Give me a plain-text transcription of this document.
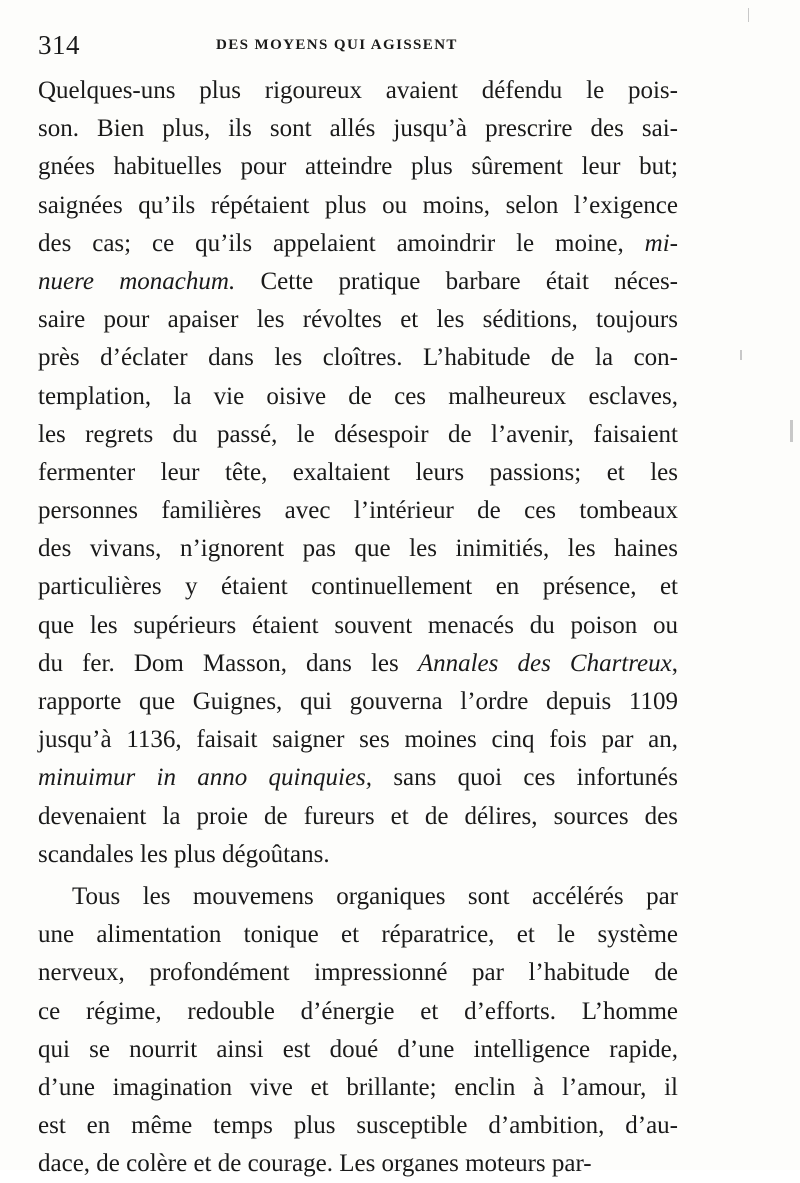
314	DES MOYENS QUI AGISSENT
Quelques-uns plus rigoureux avaient défendu le pois-
son. Bien plus, ils sont allés jusqu’à prescrire des sai-
gnées habituelles pour atteindre plus sûrement leur but;
saignées qu’ils répétaient plus ou moins, selon l’exigence
des cas; ce qu’ils appelaient amoindrir le moine, mi-
nuere monachum. Cette pratique barbare était néces-
saire pour apaiser les révoltes et les séditions, toujours
près d’éclater dans les cloîtres. L’habitude de la con-
templation, la vie oisive de ces malheureux esclaves,
les regrets du passé, le désespoir de l’avenir, faisaient
fermenter leur tête, exaltaient leurs passions; et les
personnes familières avec l’intérieur de ces tombeaux
des vivans, n’ignorent pas que les inimitiés, les haines
particulières y étaient continuellement en présence, et
que les supérieurs étaient souvent menacés du poison ou
du fer. Dom Masson, dans les Annales des Chartreux,
rapporte que Guignes, qui gouverna l’ordre depuis 1109
jusqu’à 1136, faisait saigner ses moines cinq fois par an,
minuimur in anno quinquies, sans quoi ces infortunés
devenaient la proie de fureurs et de délires, sources des
scandales les plus dégoûtans.
Tous les mouvemens organiques sont accélérés par
une alimentation tonique et réparatrice, et le système
nerveux, profondément impressionné par l’habitude de
ce régime, redouble d’énergie et d’efforts. L’homme
qui se nourrit ainsi est doué d’une intelligence rapide,
d’une imagination vive et brillante; enclin à l’amour, il
est en même temps plus susceptible d’ambition, d’au-
dace, de colère et de courage. Les organes moteurs par-
